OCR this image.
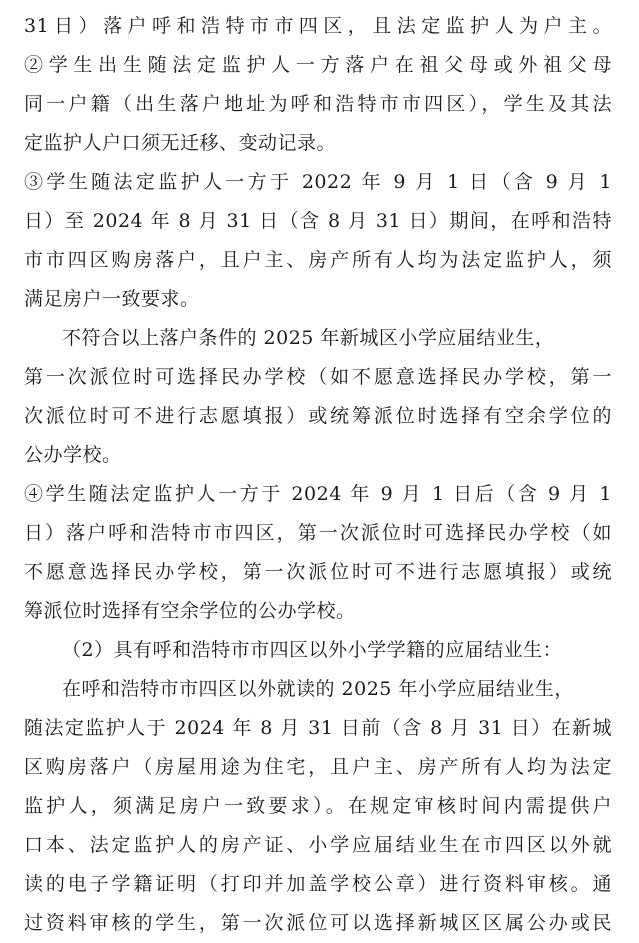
31日）落户呼和浩特市市四区，且法定监护人为户主。
②学生出生随法定监护人一方落户在祖父母或外祖父母
同一户籍（出生落户地址为呼和浩特市市四区），学生及其法
定监护人户口须无迁移、变动记录。
③学生随法定监护人一方于 2022 年 9 月 1 日（含 9 月 1
日）至 2024 年 8 月 31 日（含 8 月 31 日）期间，在呼和浩特
市市四区购房落户，且户主、房产所有人均为法定监护人，须
满足房户一致要求。
不符合以上落户条件的 2025 年新城区小学应届结业生，
第一次派位时可选择民办学校（如不愿意选择民办学校，第一
次派位时可不进行志愿填报）或统筹派位时选择有空余学位的
公办学校。
④学生随法定监护人一方于 2024 年 9 月 1 日后（含 9 月 1
日）落户呼和浩特市市四区，第一次派位时可选择民办学校（如
不愿意选择民办学校，第一次派位时可不进行志愿填报）或统
筹派位时选择有空余学位的公办学校。
（2）具有呼和浩特市市四区以外小学学籍的应届结业生：
在呼和浩特市市四区以外就读的 2025 年小学应届结业生，
随法定监护人于 2024 年 8 月 31 日前（含 8 月 31 日）在新城
区购房落户（房屋用途为住宅，且户主、房产所有人均为法定
监护人，须满足房户一致要求）。在规定审核时间内需提供户
口本、法定监护人的房产证、小学应届结业生在市四区以外就
读的电子学籍证明（打印并加盖学校公章）进行资料审核。通
过资料审核的学生，第一次派位可以选择新城区区属公办或民
